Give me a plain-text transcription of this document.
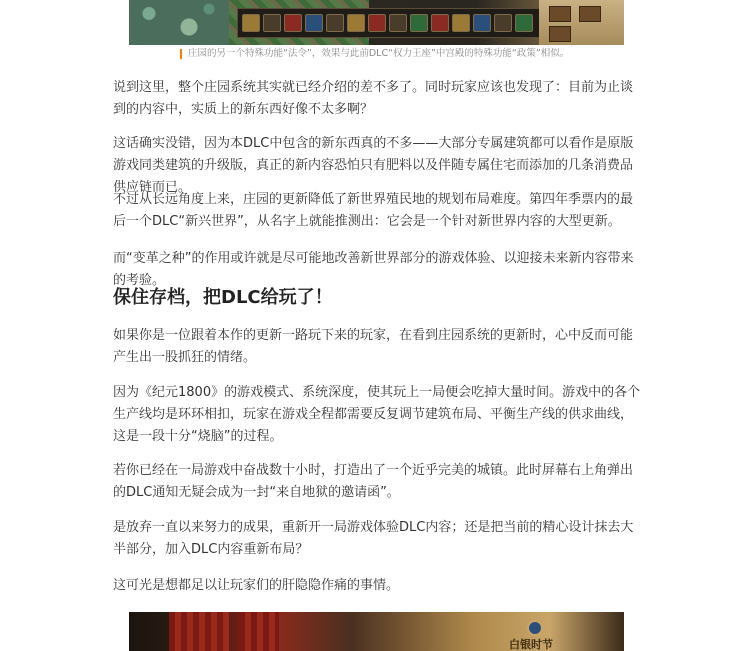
庄园的另一个特殊功能“法令”，效果与此前DLC“权力王座”中宫殿的特殊功能“政策”相似。

说到这里，整个庄园系统其实就已经介绍的差不多了。同时玩家应该也发现了：目前为止谈到的内容中，实质上的新东西好像不太多啊？

这话确实没错，因为本DLC中包含的新东西真的不多——大部分专属建筑都可以看作是原版游戏同类建筑的升级版，真正的新内容恐怕只有肥料以及伴随专属住宅而添加的几条消费品供应链而已。

不过从长远角度上来，庄园的更新降低了新世界殖民地的规划布局难度。第四年季票内的最后一个DLC“新兴世界”，从名字上就能推测出：它会是一个针对新世界内容的大型更新。

而“变革之种”的作用或许就是尽可能地改善新世界部分的游戏体验、以迎接未来新内容带来的考验。

保住存档，把DLC给玩了！

如果你是一位跟着本作的更新一路玩下来的玩家，在看到庄园系统的更新时，心中反而可能产生出一股抓狂的情绪。

因为《纪元1800》的游戏模式、系统深度，使其玩上一局便会吃掉大量时间。游戏中的各个生产线均是环环相扣，玩家在游戏全程都需要反复调节建筑布局、平衡生产线的供求曲线，这是一段十分“烧脑”的过程。

若你已经在一局游戏中奋战数十小时，打造出了一个近乎完美的城镇。此时屏幕右上角弹出的DLC通知无疑会成为一封“来自地狱的邀请函”。

是放弃一直以来努力的成果，重新开一局游戏体验DLC内容；还是把当前的精心设计抹去大半部分，加入DLC内容重新布局？

这可光是想都足以让玩家们的肝隐隐作痛的事情。

白银时节
